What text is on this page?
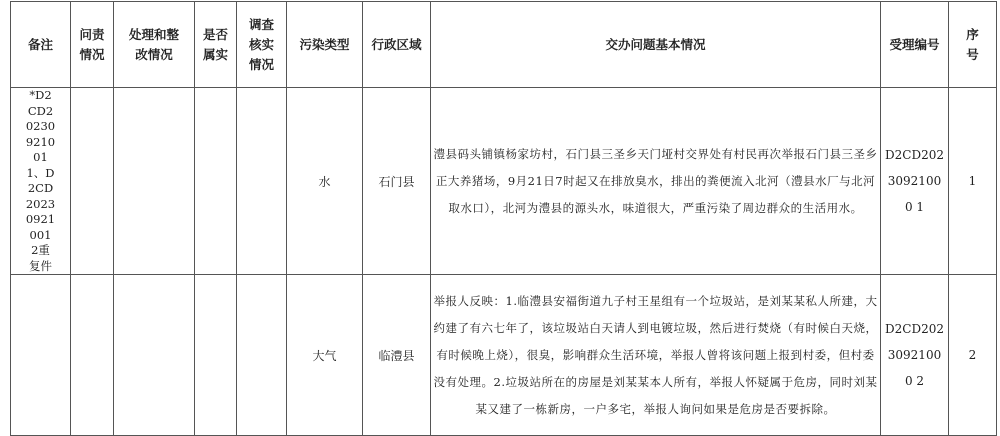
备注	问责情况	处理和整改情况	是否属实	调查核实情况	污染类型	行政区域	交办问题基本情况	受理编号	序号
*D2CD20230921001 1、D2CD20230921001 2重复件					水	石门县	澧县码头铺镇杨家坊村，石门县三圣乡天门垭村交界处有村民再次举报石门县三圣乡正大养猪场，9月21日7时起又在排放臭水，排出的粪便流入北河（澧县水厂与北河取水口），北河为澧县的源头水，味道很大，严重污染了周边群众的生活用水。	D2CD20230921000 1	1
					大气	临澧县	举报人反映：1.临澧县安福街道九子村王星组有一个垃圾站，是刘某某私人所建，大约建了有六七年了，该垃圾站白天请人到电镀垃圾，然后进行焚烧（有时候白天烧，有时候晚上烧），很臭，影响群众生活环境，举报人曾将该问题上报到村委，但村委没有处理。2.垃圾站所在的房屋是刘某某本人所有，举报人怀疑属于危房，同时刘某某又建了一栋新房，一户多宅，举报人询问如果是危房是否要拆除。	D2CD20230921000 2	2
